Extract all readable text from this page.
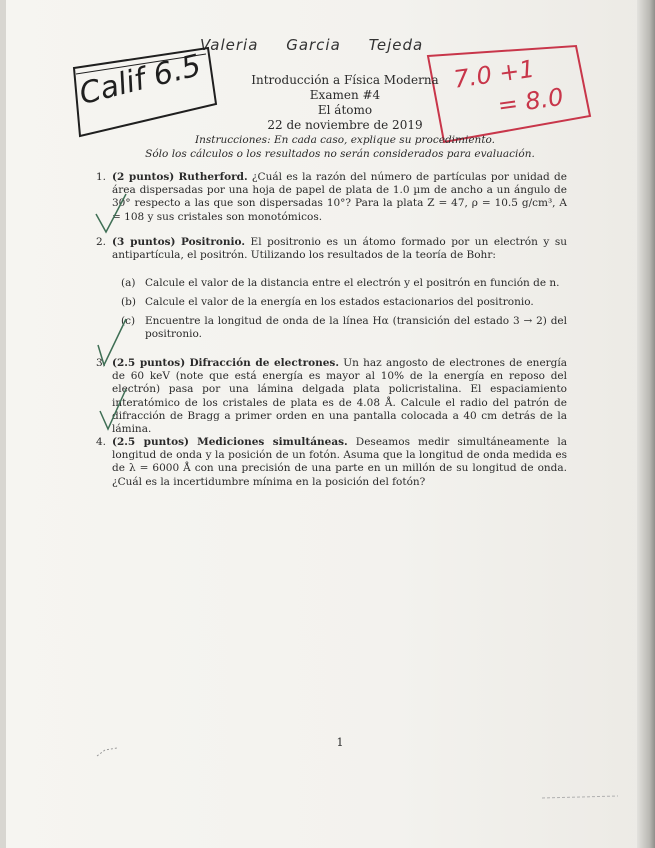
Valeria Garcia Tejeda
Calif 6.5	7.0 +1
= 8.0
Introducción a Física Moderna
Examen #4
El átomo
22 de noviembre de 2019
Instrucciones: En cada caso, explique su procedimiento.
Sólo los cálculos o los resultados no serán considerados para evaluación.
1. (2 puntos) Rutherford. ¿Cuál es la razón del número de partículas por unidad de área dispersadas por una hoja de papel de plata de 1.0 µm de ancho a un ángulo de 30° respecto a las que son dispersadas 10°? Para la plata Z = 47, ρ = 10.5 g/cm³, A = 108 y sus cristales son monotómicos.
2. (3 puntos) Positronio. El positronio es un átomo formado por un electrón y su antipartícula, el positrón. Utilizando los resultados de la teoría de Bohr:
(a) Calcule el valor de la distancia entre el electrón y el positrón en función de n.
(b) Calcule el valor de la energía en los estados estacionarios del positronio.
(c) Encuentre la longitud de onda de la línea Hα (transición del estado 3 → 2) del positronio.
3. (2.5 puntos) Difracción de electrones. Un haz angosto de electrones de energía de 60 keV (note que está energía es mayor al 10% de la energía en reposo del electrón) pasa por una lámina delgada plata policristalina. El espaciamiento interatómico de los cristales de plata es de 4.08 Å. Calcule el radio del patrón de difracción de Bragg a primer orden en una pantalla colocada a 40 cm detrás de la lámina.
4. (2.5 puntos) Mediciones simultáneas. Deseamos medir simultáneamente la longitud de onda y la posición de un fotón. Asuma que la longitud de onda medida es de λ = 6000 Å con una precisión de una parte en un millón de su longitud de onda. ¿Cuál es la incertidumbre mínima en la posición del fotón?
1
